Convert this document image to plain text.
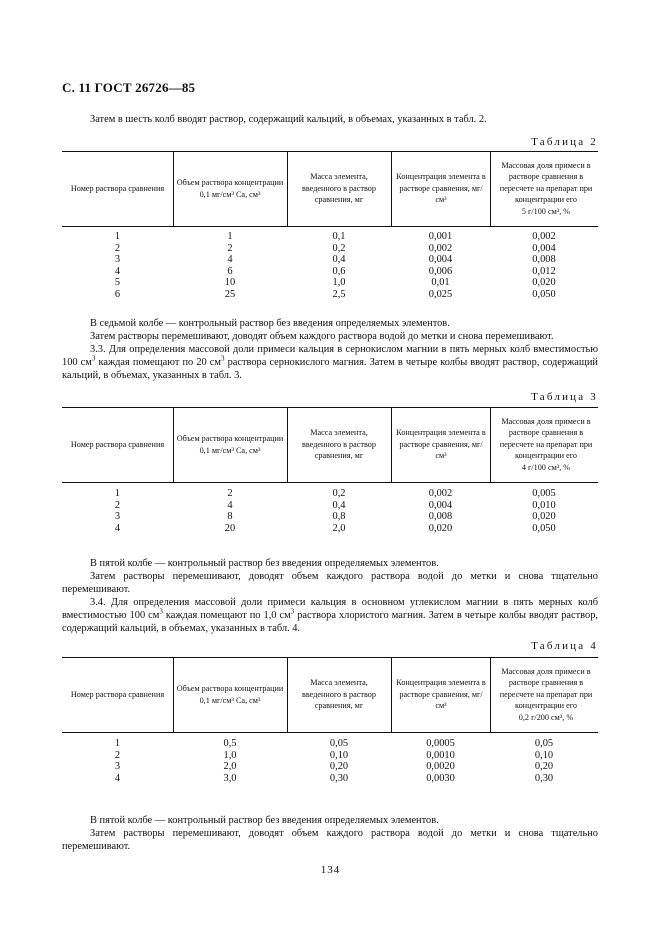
С. 11 ГОСТ 26726—85
Затем в шесть колб вводят раствор, содержащий кальций, в объемах, указанных в табл. 2.
Таблица 2
Номер раствора сравнения
Объем раствора концентрации
0,1 мг/см³ Са, см³
Масса элемента, введенного в раствор сравнения, мг
Концентрация элемента в растворе сравнения, мг/см³
Массовая доля примеси в растворе сравнения в пересчете на препарат при концентрации его
5 г/100 см³, %
1
2
3
4
5
6
1
2
4
6
10
25
0,1
0,2
0,4
0,6
1,0
2,5
0,001
0,002
0,004
0,006
0,01
0,025
0,002
0,004
0,008
0,012
0,020
0,050
В седьмой колбе — контрольный раствор без введения определяемых элементов.
Затем растворы перемешивают, доводят объем каждого раствора водой до метки и снова перемешивают.
3.3. Для определения массовой доли примеси кальция в сернокислом магнии в пять мерных колб вместимостью 100 $см^3$ каждая помещают по 20 $см^3$ раствора сернокислого магния. Затем в четыре колбы вводят раствор, содержащий кальций, в объемах, указанных в табл. 3.
Таблица 3
Номер раствора сравнения
Объем раствора концентрации
0,1 мг/см³ Са, см³
Масса элемента, введенного в раствор сравнения, мг
Концентрация элемента в растворе сравнения, мг/см³
Массовая доля примеси в растворе сравнения в пересчете на препарат при концентрации его
4 г/100 см³, %
1
2
3
4
2
4
8
20
0,2
0,4
0,8
2,0
0,002
0,004
0,008
0,020
0,005
0,010
0,020
0,050
В пятой колбе — контрольный раствор без введения определяемых элементов.
Затем растворы перемешивают, доводят объем каждого раствора водой до метки и снова тщательно перемешивают.
3.4. Для определения массовой доли примеси кальция в основном углекислом магнии в пять мерных колб вместимостью 100 $см^3$ каждая помещают по 1,0 $см^3$ раствора хлористого магния. Затем в четыре колбы вводят раствор, содержащий кальций, в объемах, указанных в табл. 4.
Таблица 4
Номер раствора сравнения
Объем раствора концентрации
0,1 мг/см³ Са, см³
Масса элемента, введенного в раствор сравнения, мг
Концентрация элемента в растворе сравнения, мг/см³
Массовая доля примеси в растворе сравнения в пересчете на препарат при концентрации его
0,2 г/200 см³, %
1
2
3
4
0,5
1,0
2,0
3,0
0,05
0,10
0,20
0,30
0,0005
0,0010
0,0020
0,0030
0,05
0,10
0,20
0,30
В пятой колбе — контрольный раствор без введения определяемых элементов.
Затем растворы перемешивают, доводят объем каждого раствора водой до метки и снова тщательно перемешивают.
134
